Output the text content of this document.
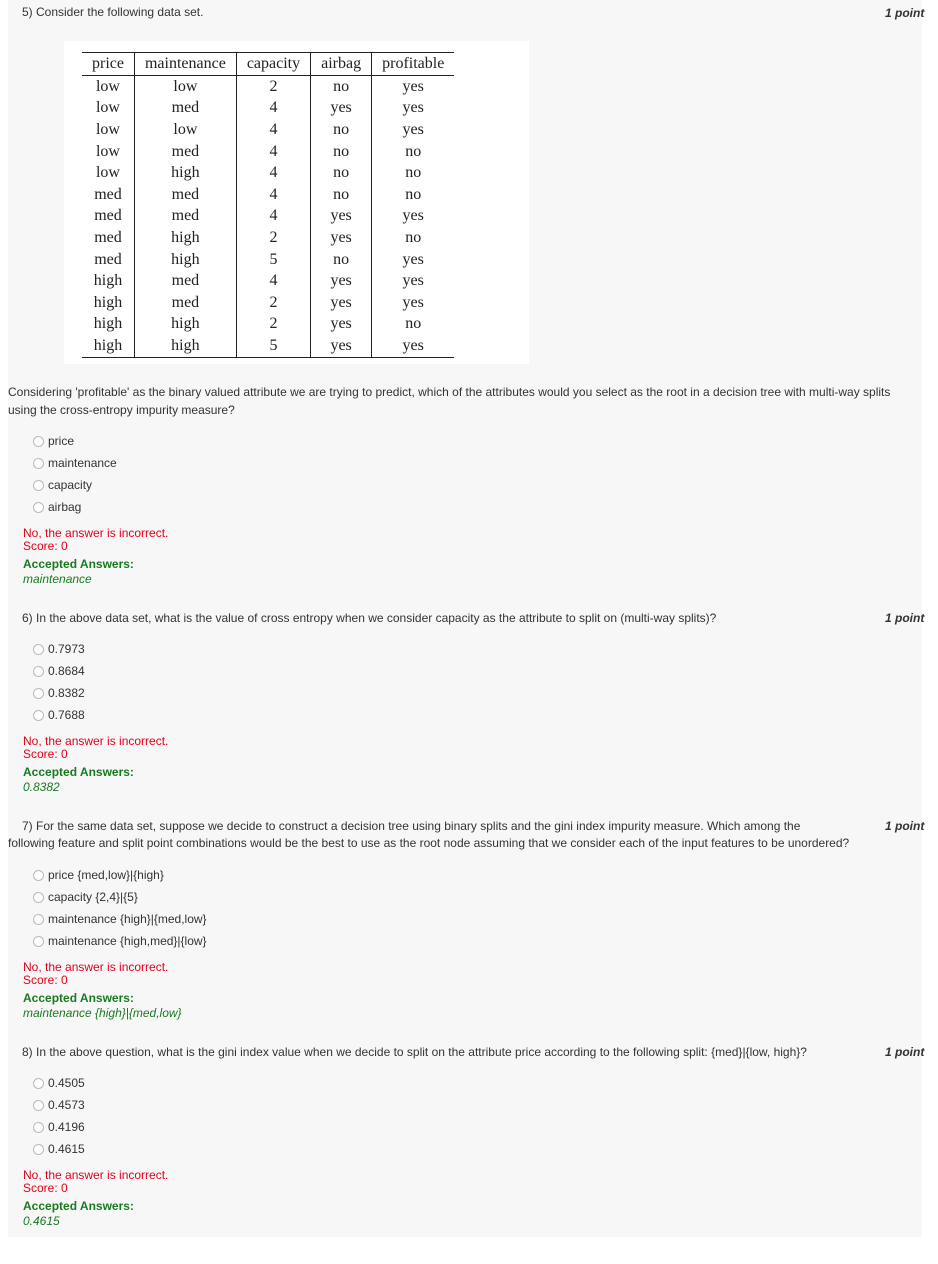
5) Consider the following data set.	1 point
price	maintenance	capacity	airbag	profitable
low	low	2	no	yes
low	med	4	yes	yes
low	low	4	no	yes
low	med	4	no	no
low	high	4	no	no
med	med	4	no	no
med	med	4	yes	yes
med	high	2	yes	no
med	high	5	no	yes
high	med	4	yes	yes
high	med	2	yes	yes
high	high	2	yes	no
high	high	5	yes	yes
Considering 'profitable' as the binary valued attribute we are trying to predict, which of the attributes would you select as the root in a decision tree with multi-way splits using the cross-entropy impurity measure?
price
maintenance
capacity
airbag
No, the answer is incorrect.
Score: 0
Accepted Answers:
maintenance
6) In the above data set, what is the value of cross entropy when we consider capacity as the attribute to split on (multi-way splits)?	1 point
0.7973
0.8684
0.8382
0.7688
No, the answer is incorrect.
Score: 0
Accepted Answers:
0.8382
7) For the same data set, suppose we decide to construct a decision tree using binary splits and the gini index impurity measure. Which among the	1 point
following feature and split point combinations would be the best to use as the root node assuming that we consider each of the input features to be unordered?
price {med,low}|{high}
capacity {2,4}|{5}
maintenance {high}|{med,low}
maintenance {high,med}|{low}
No, the answer is incorrect.
Score: 0
Accepted Answers:
maintenance {high}|{med,low}
8) In the above question, what is the gini index value when we decide to split on the attribute price according to the following split: {med}|{low, high}?	1 point
0.4505
0.4573
0.4196
0.4615
No, the answer is incorrect.
Score: 0
Accepted Answers:
0.4615
